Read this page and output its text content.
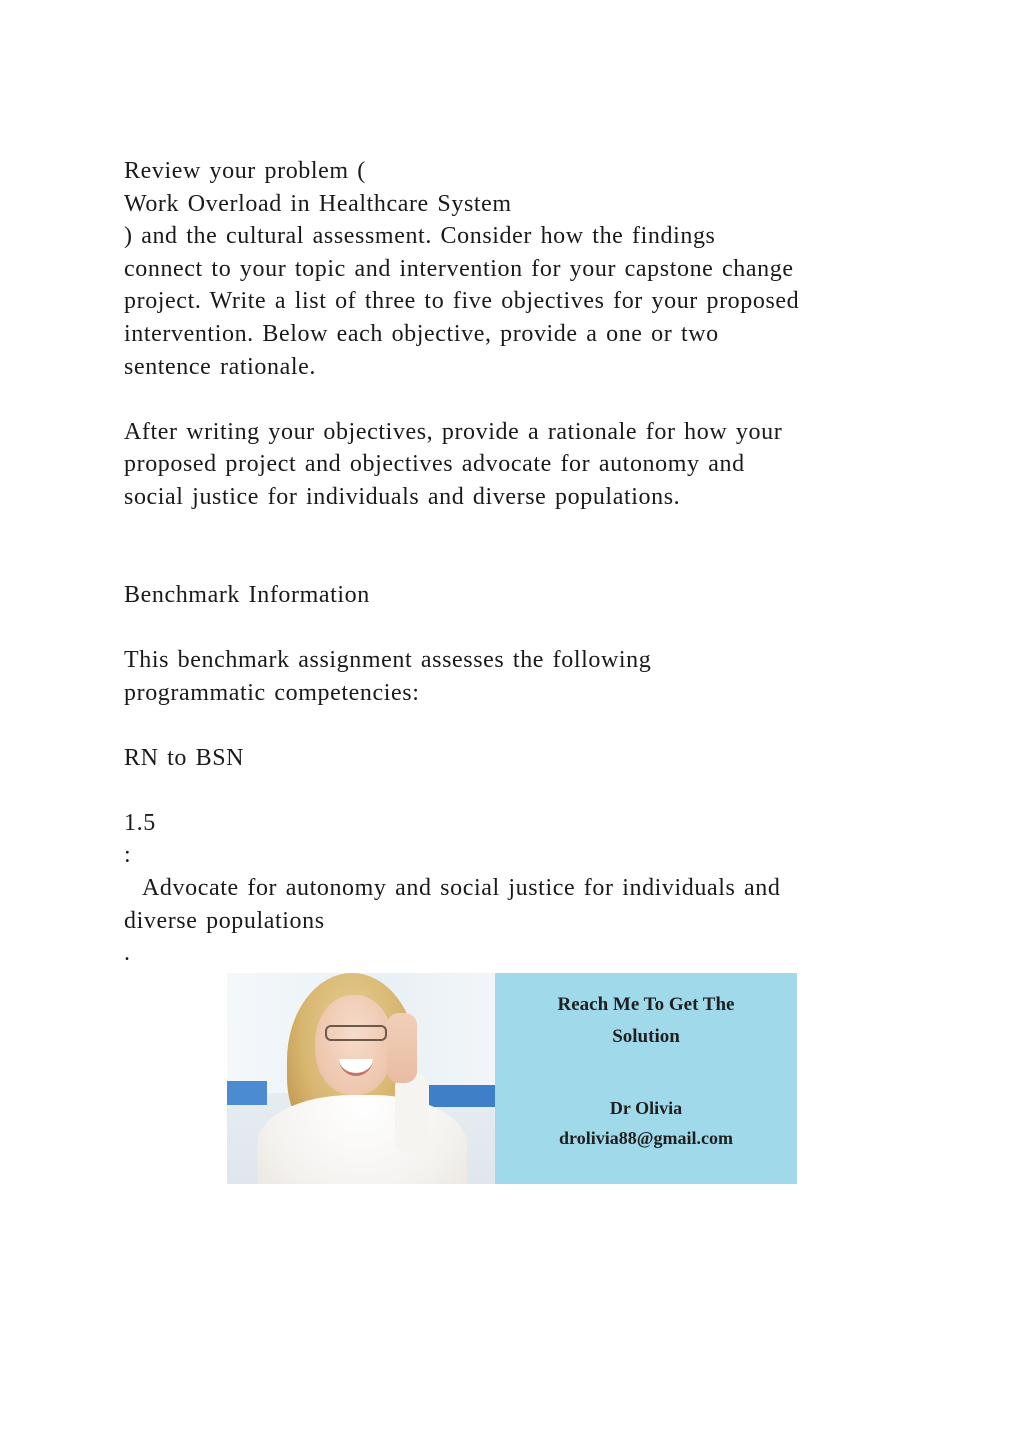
Review your problem (
Work Overload in Healthcare System
) and the cultural assessment. Consider how the findings
connect to your topic and intervention for your capstone change
project. Write a list of three to five objectives for your proposed
intervention. Below each objective, provide a one or two
sentence rationale.
After writing your objectives, provide a rationale for how your
proposed project and objectives advocate for autonomy and
social justice for individuals and diverse populations.
Benchmark Information
This benchmark assignment assesses the following
programmatic competencies:
RN to BSN
1.5
:
Advocate for autonomy and social justice for individuals and
diverse populations
.
Reach Me To Get The
Solution
Dr Olivia
drolivia88@gmail.com
